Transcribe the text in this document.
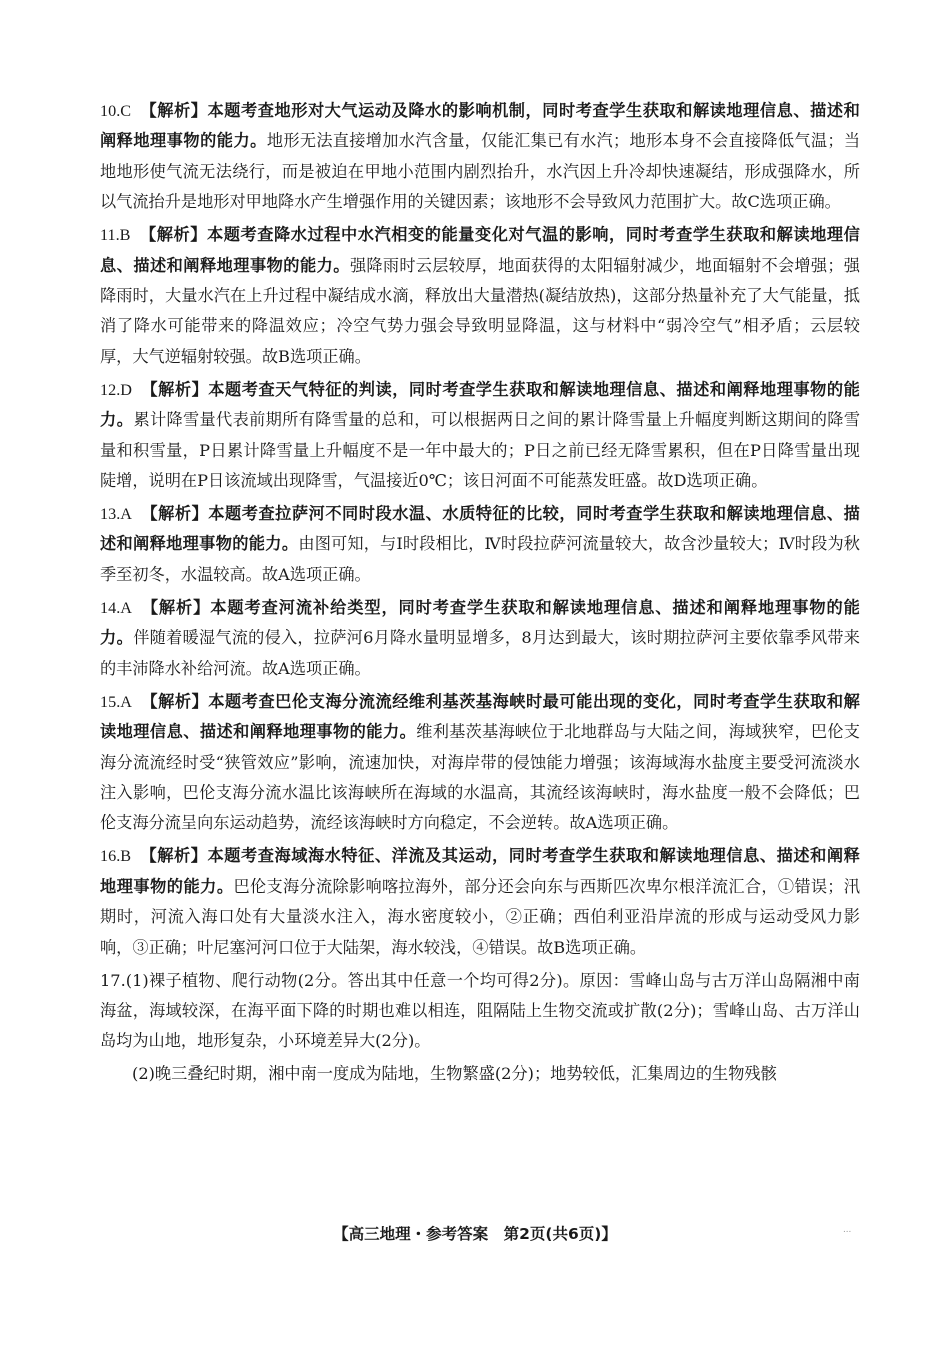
10.C 【解析】本题考查地形对大气运动及降水的影响机制，同时考查学生获取和解读地理信息、描述和阐释地理事物的能力。地形无法直接增加水汽含量，仅能汇集已有水汽；地形本身不会直接降低气温；当地地形使气流无法绕行，而是被迫在甲地小范围内剧烈抬升，水汽因上升冷却快速凝结，形成强降水，所以气流抬升是地形对甲地降水产生增强作用的关键因素；该地形不会导致风力范围扩大。故C选项正确。

11.B 【解析】本题考查降水过程中水汽相变的能量变化对气温的影响，同时考查学生获取和解读地理信息、描述和阐释地理事物的能力。强降雨时云层较厚，地面获得的太阳辐射减少，地面辐射不会增强；强降雨时，大量水汽在上升过程中凝结成水滴，释放出大量潜热(凝结放热)，这部分热量补充了大气能量，抵消了降水可能带来的降温效应；冷空气势力强会导致明显降温，这与材料中“弱冷空气”相矛盾；云层较厚，大气逆辐射较强。故B选项正确。

12.D 【解析】本题考查天气特征的判读，同时考查学生获取和解读地理信息、描述和阐释地理事物的能力。累计降雪量代表前期所有降雪量的总和，可以根据两日之间的累计降雪量上升幅度判断这期间的降雪量和积雪量，P日累计降雪量上升幅度不是一年中最大的；P日之前已经无降雪累积，但在P日降雪量出现陡增，说明在P日该流域出现降雪，气温接近0℃；该日河面不可能蒸发旺盛。故D选项正确。

13.A 【解析】本题考查拉萨河不同时段水温、水质特征的比较，同时考查学生获取和解读地理信息、描述和阐释地理事物的能力。由图可知，与Ⅰ时段相比，Ⅳ时段拉萨河流量较大，故含沙量较大；Ⅳ时段为秋季至初冬，水温较高。故A选项正确。

14.A 【解析】本题考查河流补给类型，同时考查学生获取和解读地理信息、描述和阐释地理事物的能力。伴随着暖湿气流的侵入，拉萨河6月降水量明显增多，8月达到最大，该时期拉萨河主要依靠季风带来的丰沛降水补给河流。故A选项正确。

15.A 【解析】本题考查巴伦支海分流流经维利基茨基海峡时最可能出现的变化，同时考查学生获取和解读地理信息、描述和阐释地理事物的能力。维利基茨基海峡位于北地群岛与大陆之间，海域狭窄，巴伦支海分流流经时受“狭管效应”影响，流速加快，对海岸带的侵蚀能力增强；该海域海水盐度主要受河流淡水注入影响，巴伦支海分流水温比该海峡所在海域的水温高，其流经该海峡时，海水盐度一般不会降低；巴伦支海分流呈向东运动趋势，流经该海峡时方向稳定，不会逆转。故A选项正确。

16.B 【解析】本题考查海域海水特征、洋流及其运动，同时考查学生获取和解读地理信息、描述和阐释地理事物的能力。巴伦支海分流除影响喀拉海外，部分还会向东与西斯匹次卑尔根洋流汇合，①错误；汛期时，河流入海口处有大量淡水注入，海水密度较小，②正确；西伯利亚沿岸流的形成与运动受风力影响，③正确；叶尼塞河河口位于大陆架，海水较浅，④错误。故B选项正确。

17.(1)裸子植物、爬行动物(2分。答出其中任意一个均可得2分)。原因：雪峰山岛与古万洋山岛隔湘中南海盆，海域较深，在海平面下降的时期也难以相连，阻隔陆上生物交流或扩散(2分)；雪峰山岛、古万洋山岛均为山地，地形复杂，小环境差异大(2分)。

(2)晚三叠纪时期，湘中南一度成为陆地，生物繁盛(2分)；地势较低，汇集周边的生物残骸

【高三地理・参考答案　第2页(共6页)】	...
